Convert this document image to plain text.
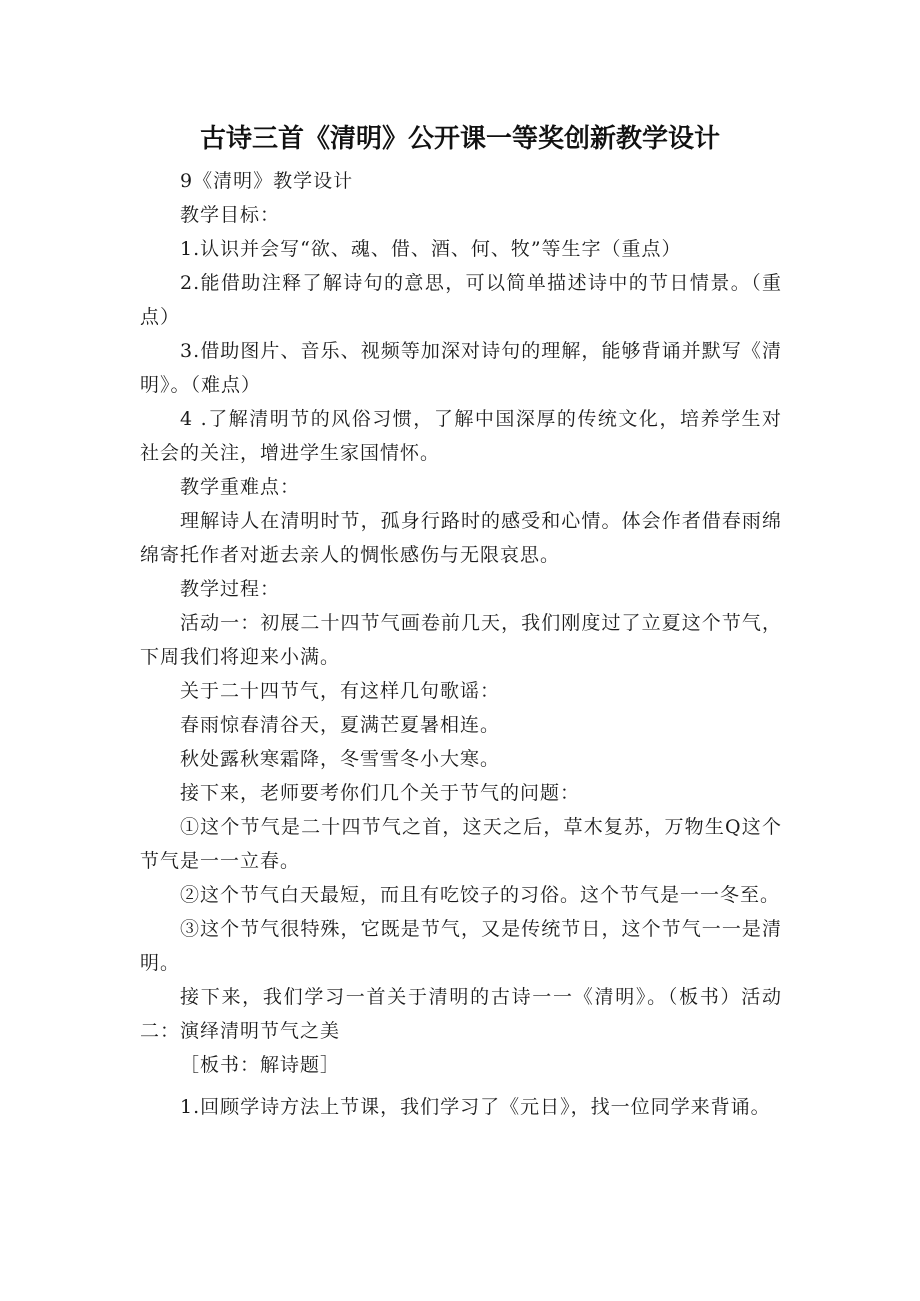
古诗三首《清明》公开课一等奖创新教学设计

9《清明》教学设计

教学目标：

1.认识并会写“欲、魂、借、酒、何、牧”等生字（重点）

2.能借助注释了解诗句的意思，可以简单描述诗中的节日情景。（重点）

3.借助图片、音乐、视频等加深对诗句的理解，能够背诵并默写《清明》。（难点）

4 .了解清明节的风俗习惯，了解中国深厚的传统文化，培养学生对社会的关注，增进学生家国情怀。

教学重难点：

理解诗人在清明时节，孤身行路时的感受和心情。体会作者借春雨绵绵寄托作者对逝去亲人的惆怅感伤与无限哀思。

教学过程：

活动一：初展二十四节气画卷前几天，我们刚度过了立夏这个节气，下周我们将迎来小满。

关于二十四节气，有这样几句歌谣：

春雨惊春清谷天，夏满芒夏暑相连。

秋处露秋寒霜降，冬雪雪冬小大寒。

接下来，老师要考你们几个关于节气的问题：

①这个节气是二十四节气之首，这天之后，草木复苏，万物生Q这个节气是一一立春。

②这个节气白天最短，而且有吃饺子的习俗。这个节气是一一冬至。

③这个节气很特殊，它既是节气，又是传统节日，这个节气一一是清明。

接下来，我们学习一首关于清明的古诗一一《清明》。（板书）活动二：演绎清明节气之美

［板书：解诗题］

1.回顾学诗方法上节课，我们学习了《元日》，找一位同学来背诵。
